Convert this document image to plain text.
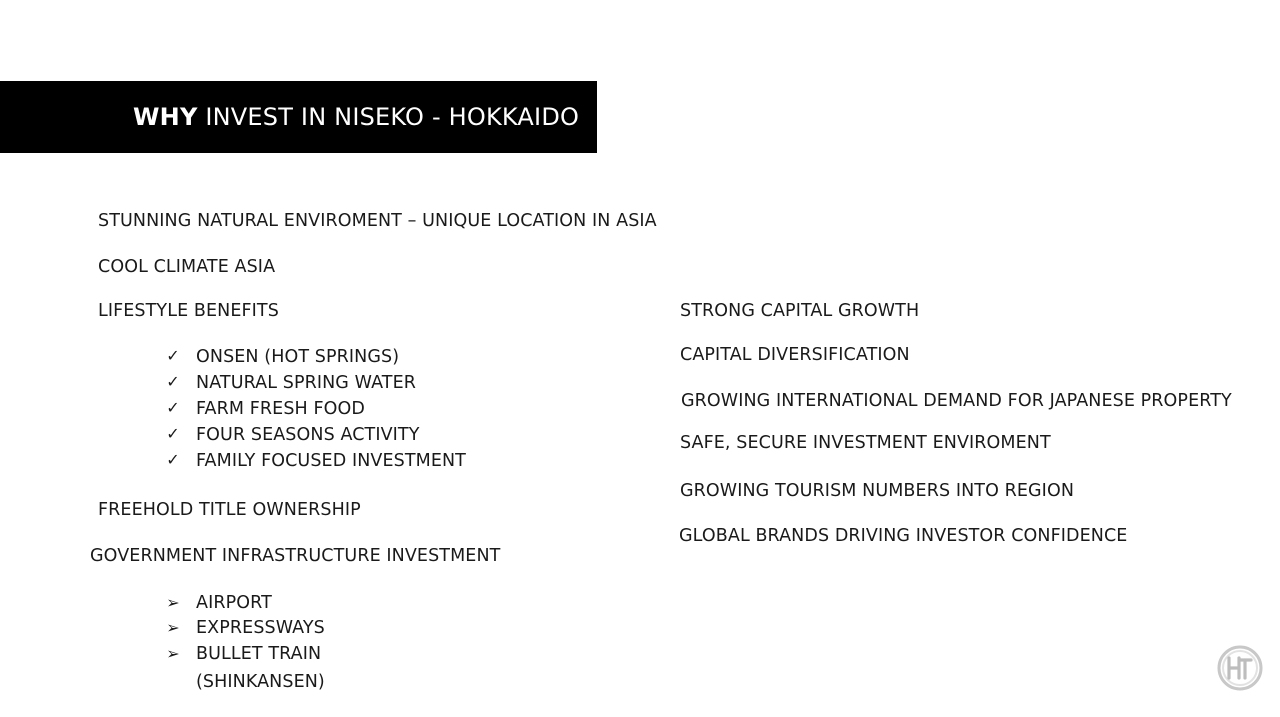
WHY INVEST IN NISEKO - HOKKAIDO
STUNNING NATURAL ENVIROMENT – UNIQUE LOCATION IN ASIA
COOL CLIMATE ASIA
LIFESTYLE BENEFITS
✓ ONSEN (HOT SPRINGS)
✓ NATURAL SPRING WATER
✓ FARM FRESH FOOD
✓ FOUR SEASONS ACTIVITY
✓ FAMILY FOCUSED INVESTMENT
FREEHOLD TITLE OWNERSHIP
GOVERNMENT INFRASTRUCTURE INVESTMENT
➢ AIRPORT
➢ EXPRESSWAYS
➢ BULLET TRAIN
(SHINKANSEN)
STRONG CAPITAL GROWTH
CAPITAL DIVERSIFICATION
GROWING INTERNATIONAL DEMAND FOR JAPANESE PROPERTY
SAFE, SECURE INVESTMENT ENVIROMENT
GROWING TOURISM NUMBERS INTO REGION
GLOBAL BRANDS DRIVING INVESTOR CONFIDENCE
